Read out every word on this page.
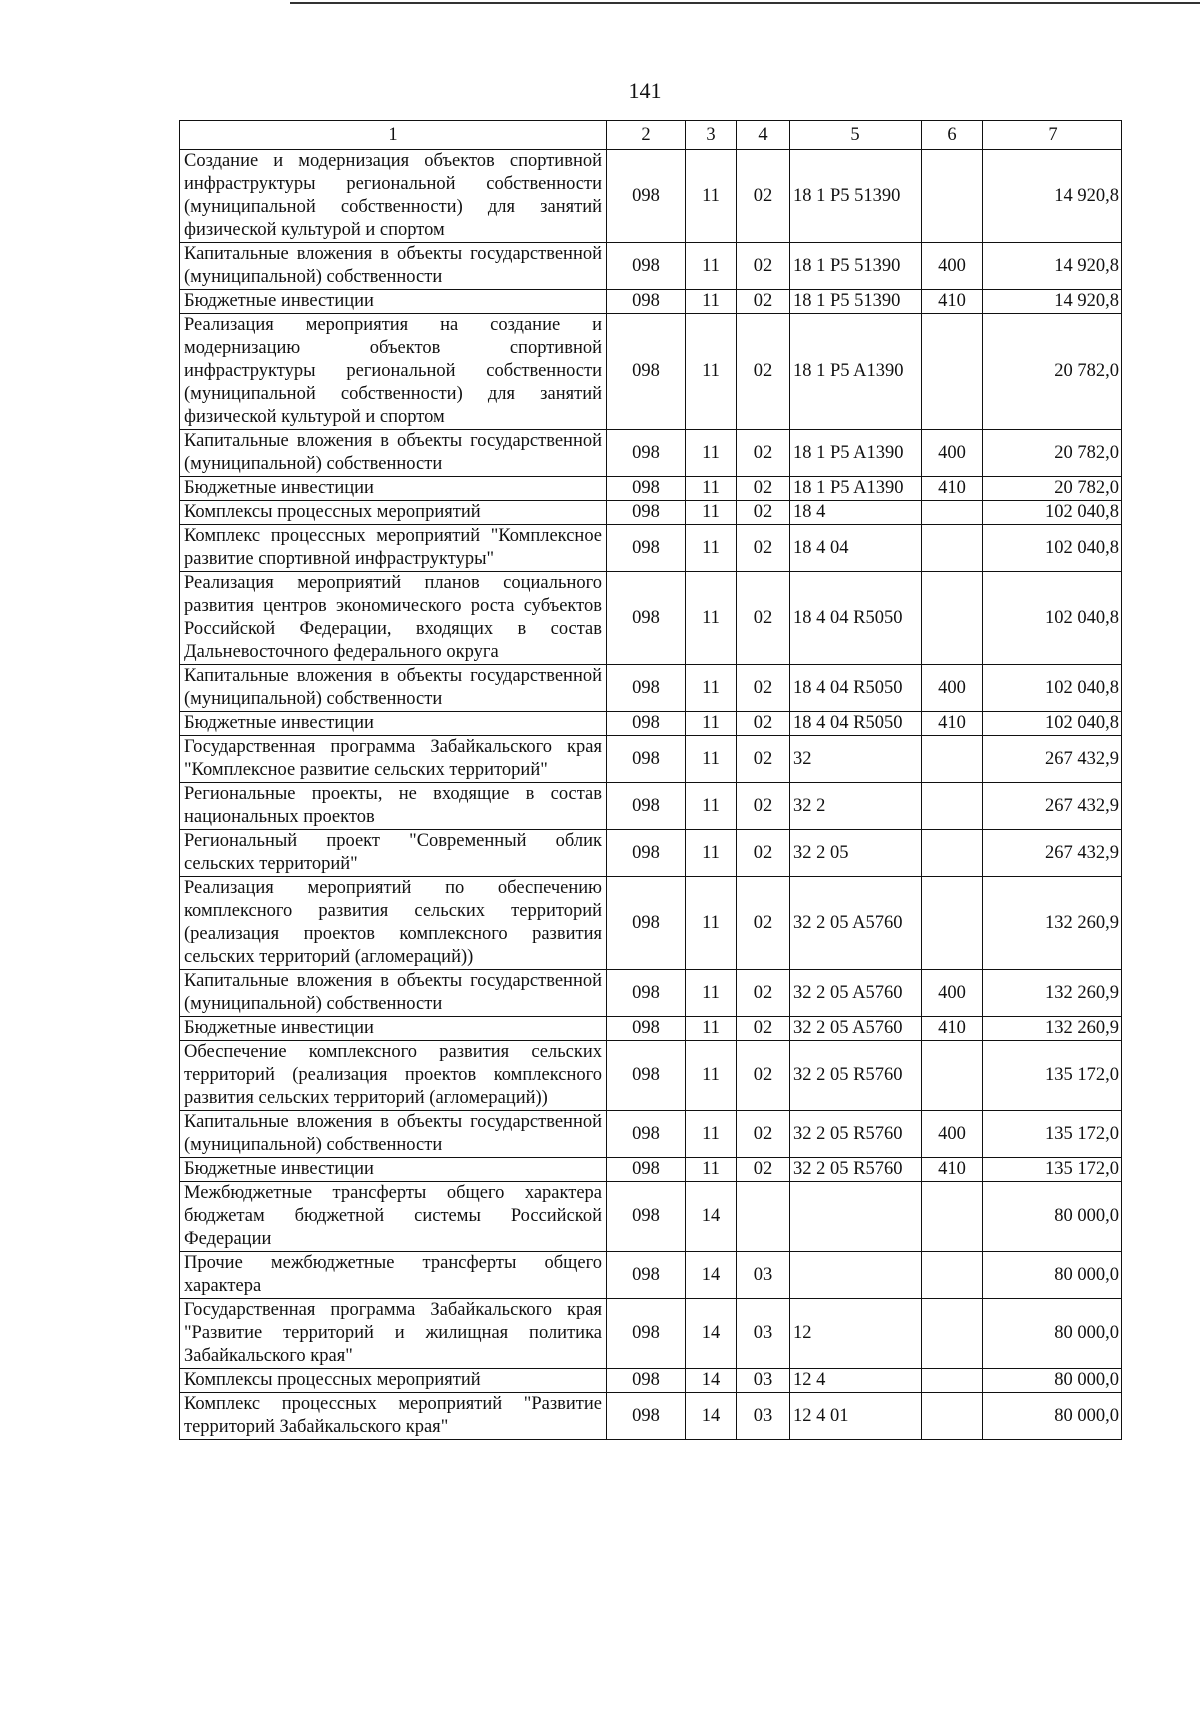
141
1	2	3	4	5	6	7
Создание и модернизация объектов спортивной инфраструктуры региональной собственности (муниципальной собственности) для занятий физической культурой и спортом	098	11	02	18 1 P5 51390		14 920,8
Капитальные вложения в объекты государственной (муниципальной) собственности	098	11	02	18 1 P5 51390	400	14 920,8
Бюджетные инвестиции	098	11	02	18 1 P5 51390	410	14 920,8
Реализация мероприятия на создание и модернизацию объектов спортивной инфраструктуры региональной собственности (муниципальной собственности) для занятий физической культурой и спортом	098	11	02	18 1 P5 A1390		20 782,0
Капитальные вложения в объекты государственной (муниципальной) собственности	098	11	02	18 1 P5 A1390	400	20 782,0
Бюджетные инвестиции	098	11	02	18 1 P5 A1390	410	20 782,0
Комплексы процессных мероприятий	098	11	02	18 4		102 040,8
Комплекс процессных мероприятий "Комплексное развитие спортивной инфраструктуры"	098	11	02	18 4 04		102 040,8
Реализация мероприятий планов социального развития центров экономического роста субъектов Российской Федерации, входящих в состав Дальневосточного федерального округа	098	11	02	18 4 04 R5050		102 040,8
Капитальные вложения в объекты государственной (муниципальной) собственности	098	11	02	18 4 04 R5050	400	102 040,8
Бюджетные инвестиции	098	11	02	18 4 04 R5050	410	102 040,8
Государственная программа Забайкальского края "Комплексное развитие сельских территорий"	098	11	02	32		267 432,9
Региональные проекты, не входящие в состав национальных проектов	098	11	02	32 2		267 432,9
Региональный проект "Современный облик сельских территорий"	098	11	02	32 2 05		267 432,9
Реализация мероприятий по обеспечению комплексного развития сельских территорий (реализация проектов комплексного развития сельских территорий (агломераций))	098	11	02	32 2 05 A5760		132 260,9
Капитальные вложения в объекты государственной (муниципальной) собственности	098	11	02	32 2 05 A5760	400	132 260,9
Бюджетные инвестиции	098	11	02	32 2 05 A5760	410	132 260,9
Обеспечение комплексного развития сельских территорий (реализация проектов комплексного развития сельских территорий (агломераций))	098	11	02	32 2 05 R5760		135 172,0
Капитальные вложения в объекты государственной (муниципальной) собственности	098	11	02	32 2 05 R5760	400	135 172,0
Бюджетные инвестиции	098	11	02	32 2 05 R5760	410	135 172,0
Межбюджетные трансферты общего характера бюджетам бюджетной системы Российской Федерации	098	14				80 000,0
Прочие межбюджетные трансферты общего характера	098	14	03			80 000,0
Государственная программа Забайкальского края "Развитие территорий и жилищная политика Забайкальского края"	098	14	03	12		80 000,0
Комплексы процессных мероприятий	098	14	03	12 4		80 000,0
Комплекс процессных мероприятий "Развитие территорий Забайкальского края"	098	14	03	12 4 01		80 000,0
